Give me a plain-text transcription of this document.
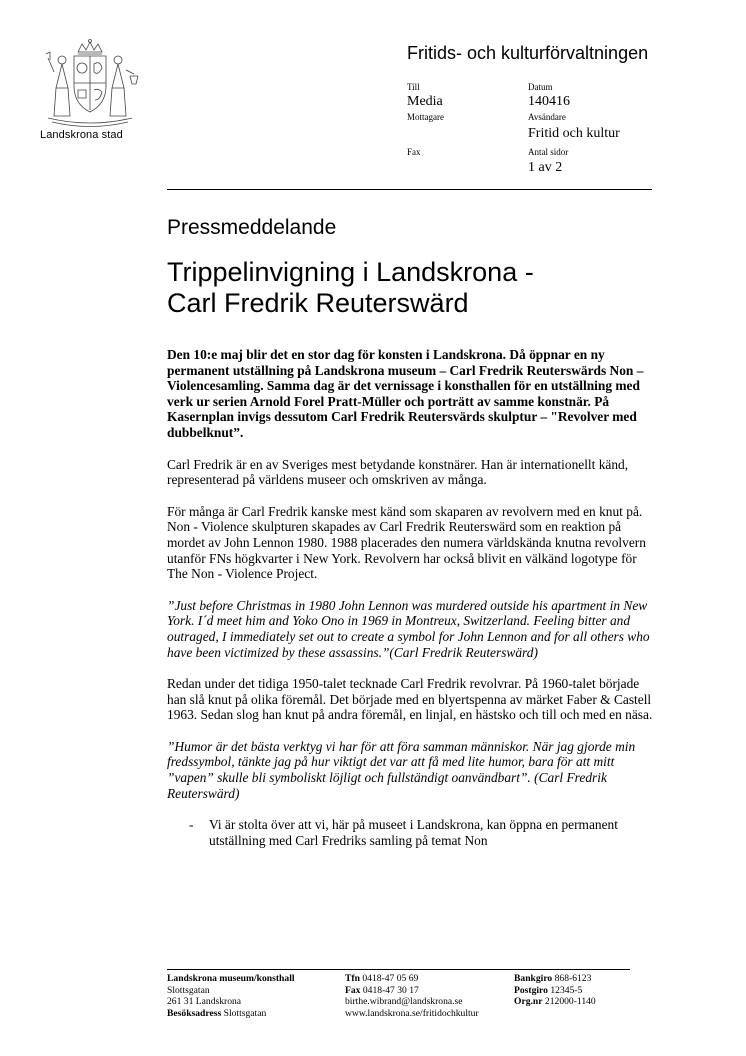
Landskrona stad
Fritids- och kulturförvaltningen
Till
Media
Mottagare
Fax
Datum
140416
Avsändare
Fritid och kultur
Antal sidor
1 av 2
Pressmeddelande
Trippelinvigning i Landskrona -
Carl Fredrik Reuterswärd

Den 10:e maj blir det en stor dag för konsten i Landskrona. Då öppnar en ny permanent utställning på Landskrona museum – Carl Fredrik Reuterswärds Non – Violencesamling. Samma dag är det vernissage i konsthallen för en utställning med verk ur serien Arnold Forel Pratt-Müller och porträtt av samme konstnär. På Kasernplan invigs dessutom Carl Fredrik Reutersvärds skulptur – "Revolver med dubbelknut”.

Carl Fredrik är en av Sveriges mest betydande konstnärer. Han är internationellt känd, representerad på världens museer och omskriven av många.

För många är Carl Fredrik kanske mest känd som skaparen av revolvern med en knut på. Non - Violence skulpturen skapades av Carl Fredrik Reuterswärd som en reaktion på mordet av John Lennon 1980. 1988 placerades den numera världskända knutna revolvern utanför FNs högkvarter i New York. Revolvern har också blivit en välkänd logotype för The Non - Violence Project.

”Just before Christmas in 1980 John Lennon was murdered outside his apartment in New York. I´d meet him and Yoko Ono in 1969 in Montreux, Switzerland. Feeling bitter and outraged, I immediately set out to create a symbol for John Lennon and for all others who have been victimized by these assassins.”(Carl Fredrik Reuterswärd)

Redan under det tidiga 1950-talet tecknade Carl Fredrik revolvrar. På 1960-talet började han slå knut på olika föremål. Det började med en blyertspenna av märket Faber & Castell 1963. Sedan slog han knut på andra föremål, en linjal, en hästsko och till och med en näsa.

”Humor är det bästa verktyg vi har för att föra samman människor. När jag gjorde min fredssymbol, tänkte jag på hur viktigt det var att få med lite humor, bara för att mitt ”vapen” skulle bli symboliskt löjligt och fullständigt oanvändbart”. (Carl Fredrik Reuterswärd)

-	Vi är stolta över att vi, här på museet i Landskrona, kan öppna en permanent utställning med Carl Fredriks samling på temat Non
Landskrona museum/konsthall
Slottsgatan
261 31 Landskrona
Besöksadress Slottsgatan
Tfn 0418-47 05 69
Fax 0418-47 30 17
birthe.wibrand@landskrona.se
www.landskrona.se/fritidochkultur
Bankgiro 868-6123
Postgiro 12345-5
Org.nr 212000-1140
